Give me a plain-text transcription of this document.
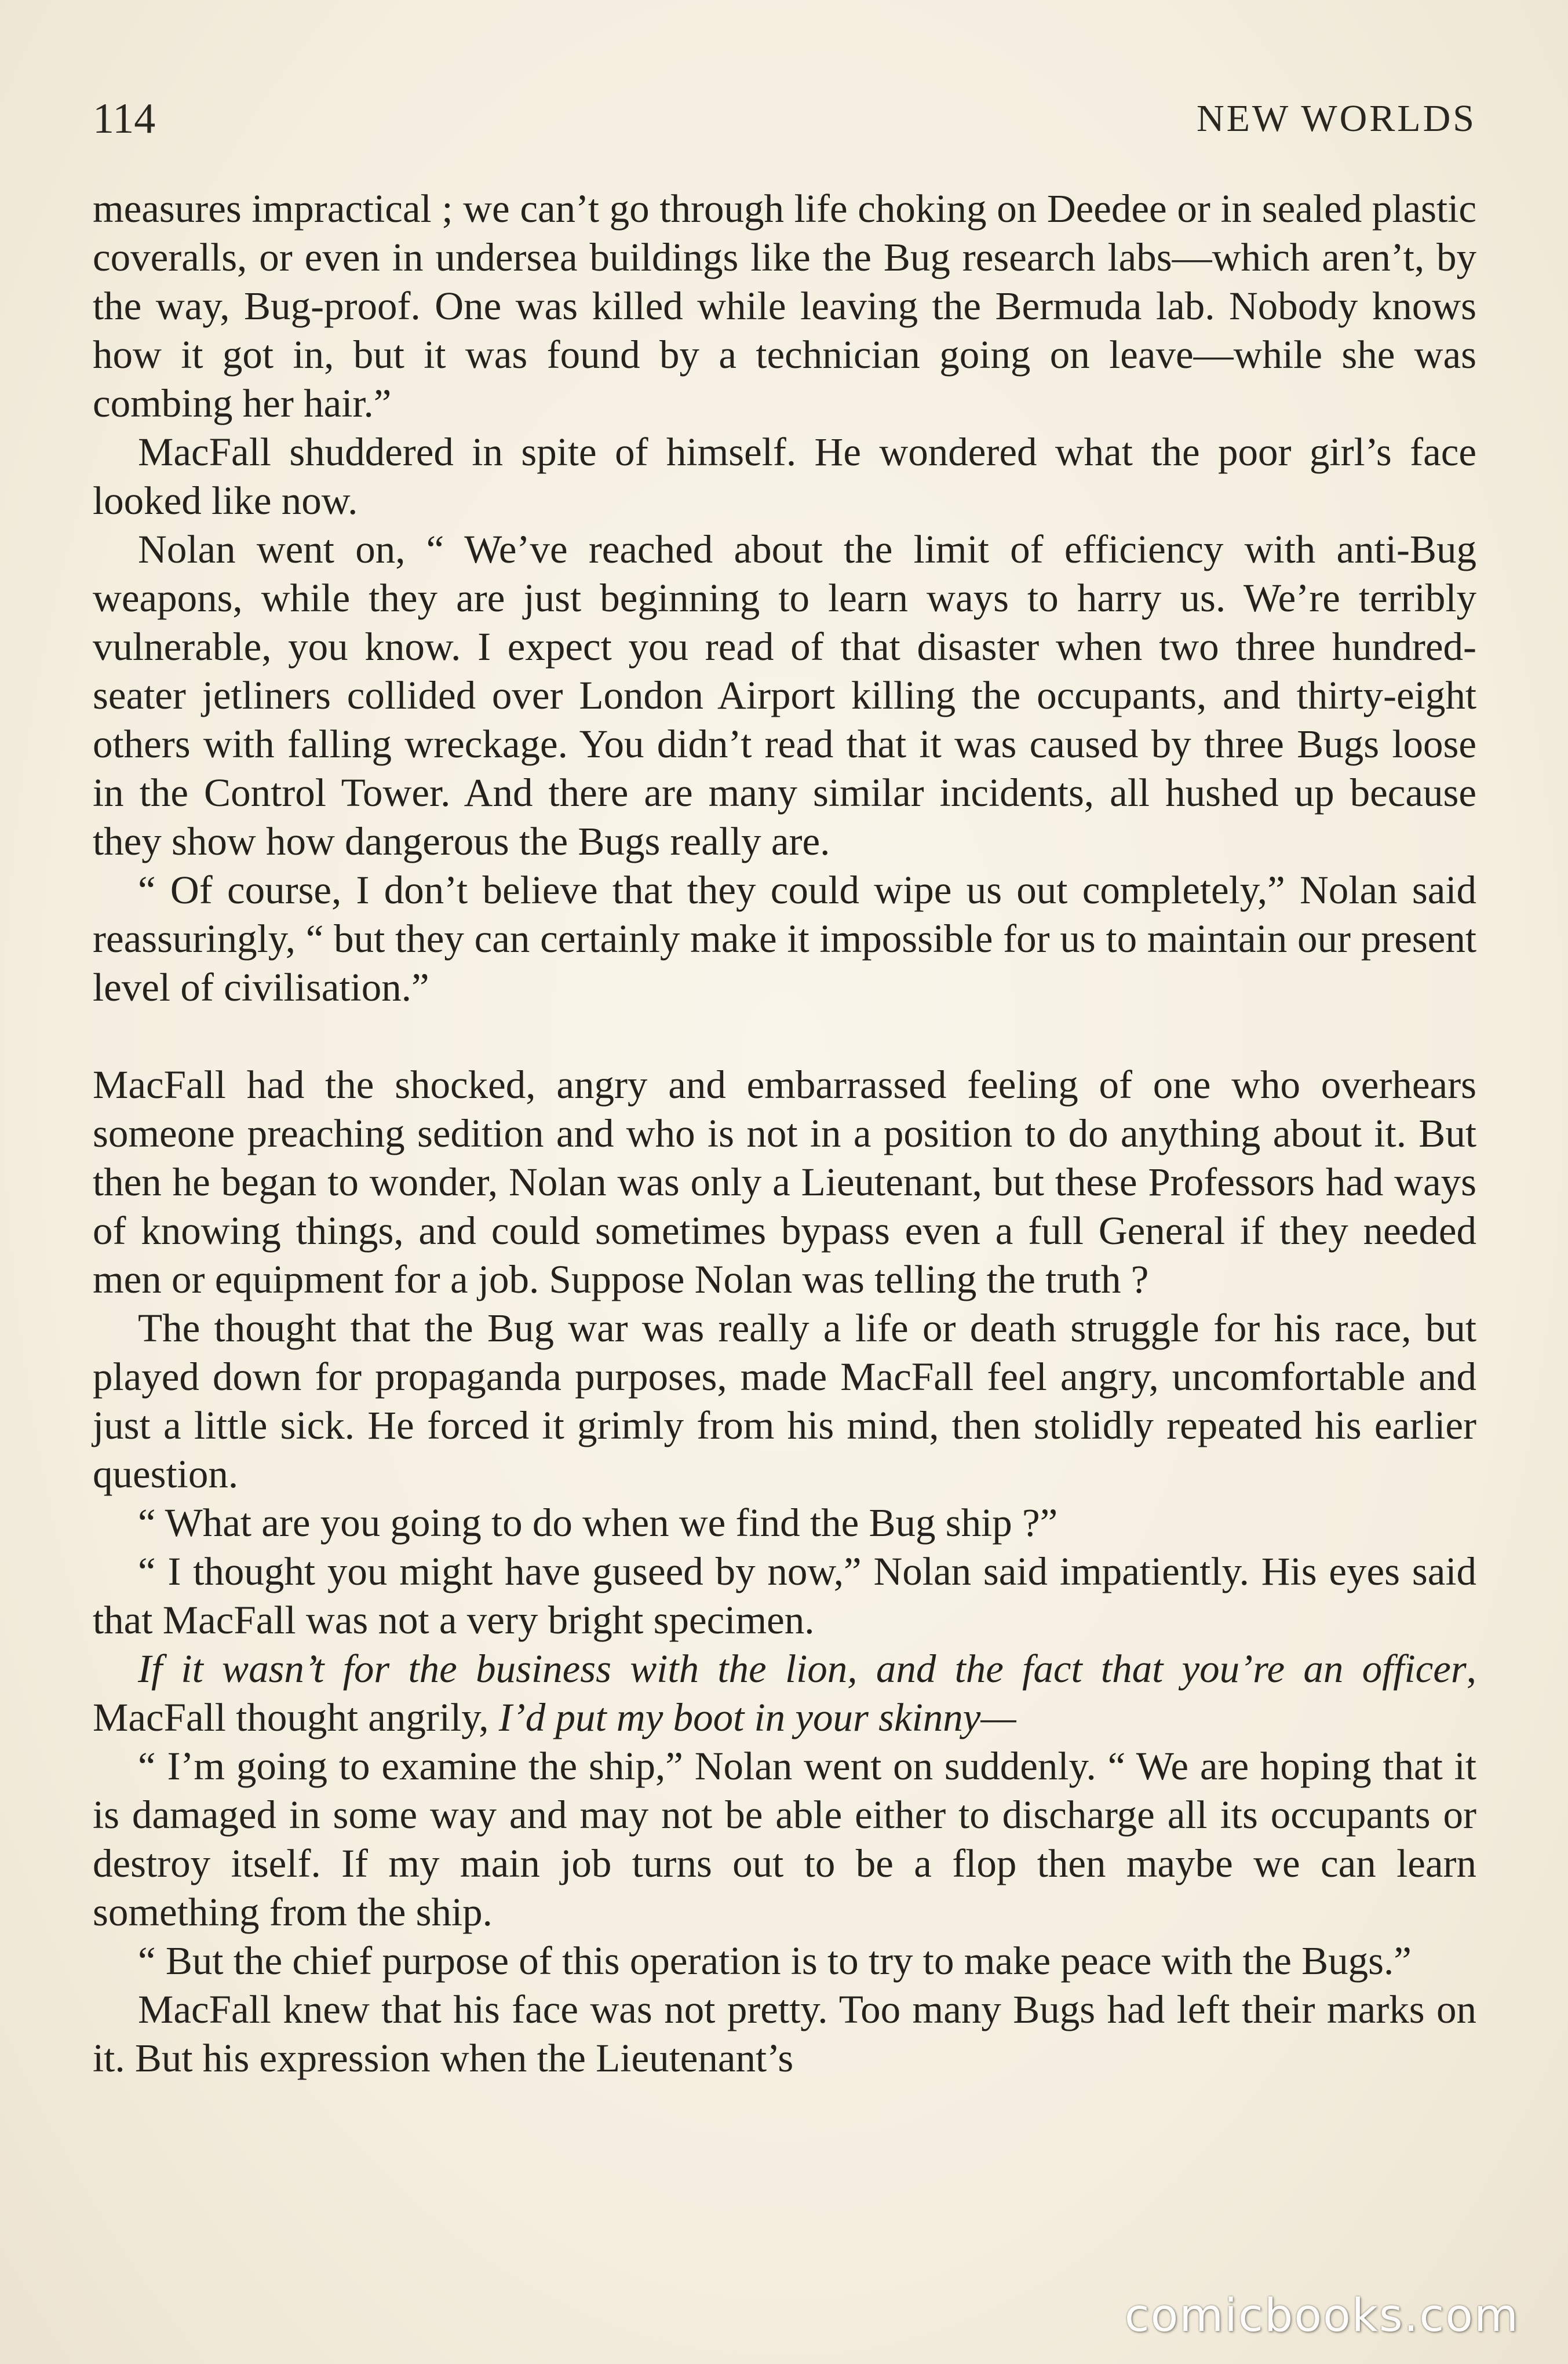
114	NEW WORLDS

measures impractical ; we can’t go through life choking on Deedee or in sealed plastic coveralls, or even in undersea buildings like the Bug research labs—which aren’t, by the way, Bug-proof. One was killed while leaving the Bermuda lab. Nobody knows how it got in, but it was found by a technician going on leave—while she was combing her hair.”

MacFall shuddered in spite of himself. He wondered what the poor girl’s face looked like now.

Nolan went on, “ We’ve reached about the limit of efficiency with anti-Bug weapons, while they are just beginning to learn ways to harry us. We’re terribly vulnerable, you know. I expect you read of that disaster when two three hundred-seater jetliners collided over London Airport killing the occupants, and thirty-eight others with falling wreckage. You didn’t read that it was caused by three Bugs loose in the Control Tower. And there are many similar incidents, all hushed up because they show how dangerous the Bugs really are.

“ Of course, I don’t believe that they could wipe us out completely,” Nolan said reassuringly, “ but they can certainly make it impossible for us to maintain our present level of civilisation.”

MacFall had the shocked, angry and embarrassed feeling of one who overhears someone preaching sedition and who is not in a position to do anything about it. But then he began to wonder, Nolan was only a Lieutenant, but these Professors had ways of knowing things, and could sometimes bypass even a full General if they needed men or equipment for a job. Suppose Nolan was telling the truth ?

The thought that the Bug war was really a life or death struggle for his race, but played down for propaganda purposes, made MacFall feel angry, uncomfortable and just a little sick. He forced it grimly from his mind, then stolidly repeated his earlier question.

“ What are you going to do when we find the Bug ship ?”

“ I thought you might have guseed by now,” Nolan said impatiently. His eyes said that MacFall was not a very bright specimen.

If it wasn’t for the business with the lion, and the fact that you’re an officer, MacFall thought angrily, I’d put my boot in your skinny—

“ I’m going to examine the ship,” Nolan went on suddenly. “ We are hoping that it is damaged in some way and may not be able either to discharge all its occupants or destroy itself. If my main job turns out to be a flop then maybe we can learn something from the ship.

“ But the chief purpose of this operation is to try to make peace with the Bugs.”

MacFall knew that his face was not pretty. Too many Bugs had left their marks on it. But his expression when the Lieutenant’s

comicbooks.com
